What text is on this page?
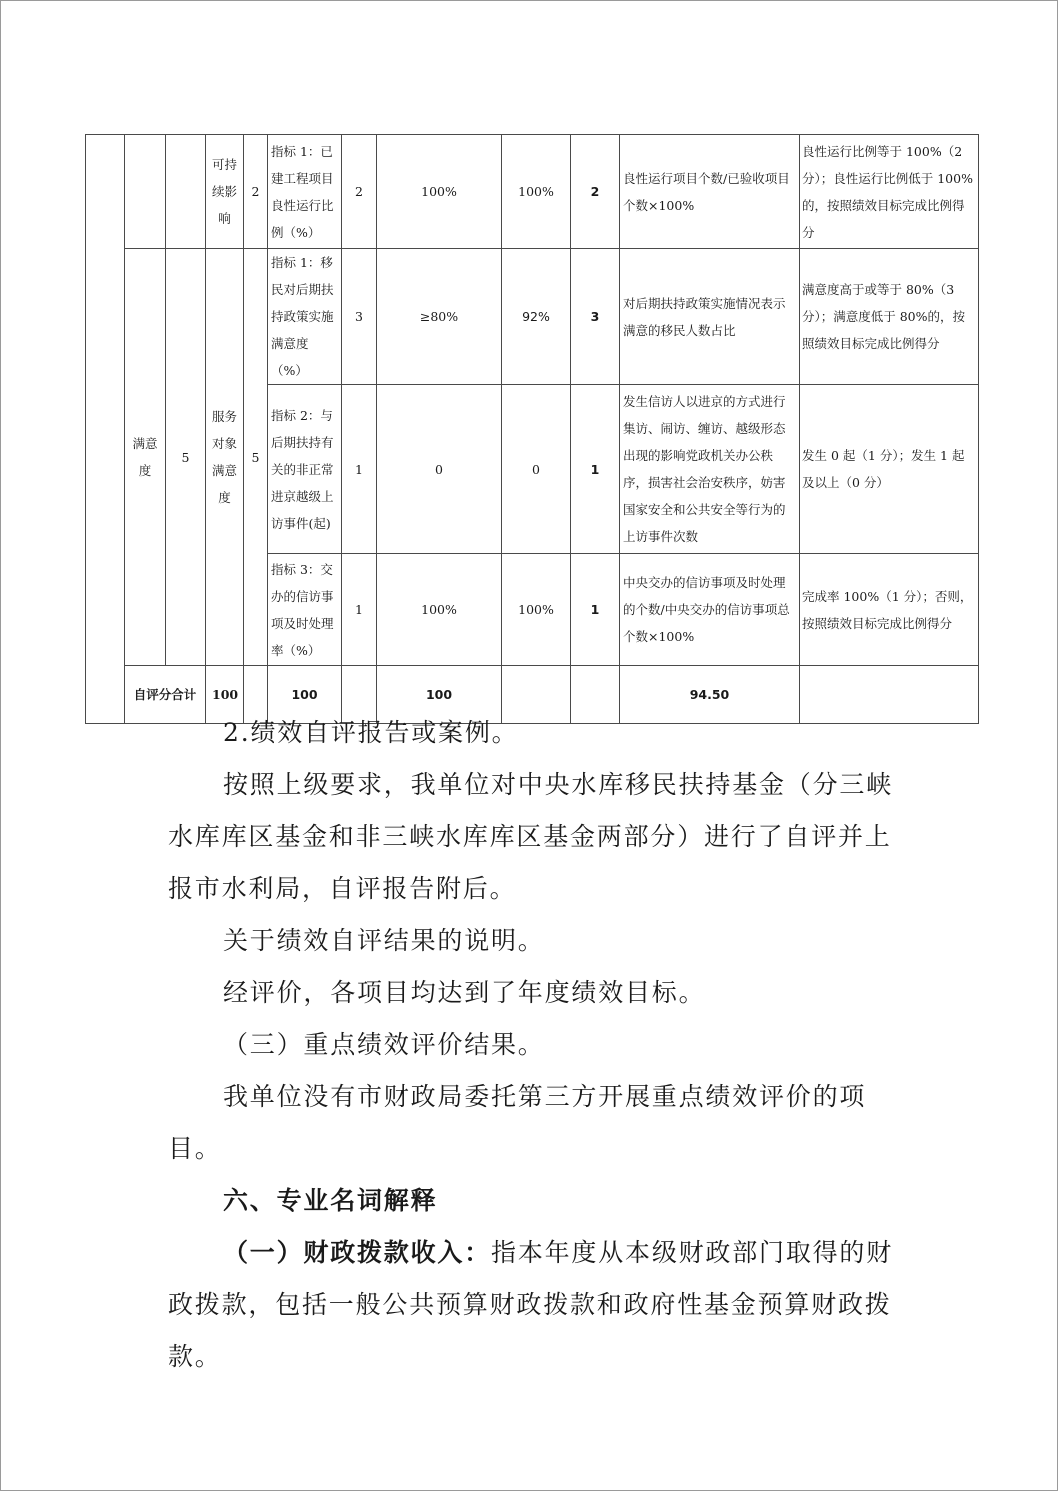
			可持续影响	2	指标 1：已建工程项目良性运行比例（%）	2	100%	100%	2	良性运行项目个数/已验收项目个数×100%	良性运行比例等于 100%（2 分）；良性运行比例低于 100%的，按照绩效目标完成比例得分	
	满意度	5	服务对象满意度	5	指标 1：移民对后期扶持政策实施满意度（%）	3	≥80%	92%	3	对后期扶持政策实施情况表示满意的移民人数占比	满意度高于或等于 80%（3 分）；满意度低于 80%的，按照绩效目标完成比例得分	
					指标 2：与后期扶持有关的非正常进京越级上访事件(起)	1	0	0	1	发生信访人以进京的方式进行集访、闹访、缠访、越级形态出现的影响党政机关办公秩序，损害社会治安秩序，妨害国家安全和公共安全等行为的上访事件次数	发生 0 起（1 分）；发生 1 起及以上（0 分）	
					指标 3：交办的信访事项及时处理率（%）	1	100%	100%	1	中央交办的信访事项及时处理的个数/中央交办的信访事项总个数×100%	完成率 100%（1 分）；否则，按照绩效目标完成比例得分	
	自评分合计		100		100		100			94.50		

2.绩效自评报告或案例。

按照上级要求，我单位对中央水库移民扶持基金（分三峡水库库区基金和非三峡水库库区基金两部分）进行了自评并上报市水利局，自评报告附后。

关于绩效自评结果的说明。

经评价，各项目均达到了年度绩效目标。

（三）重点绩效评价结果。

我单位没有市财政局委托第三方开展重点绩效评价的项目。

六、专业名词解释

（一）财政拨款收入：指本年度从本级财政部门取得的财政拨款，包括一般公共预算财政拨款和政府性基金预算财政拨款。
